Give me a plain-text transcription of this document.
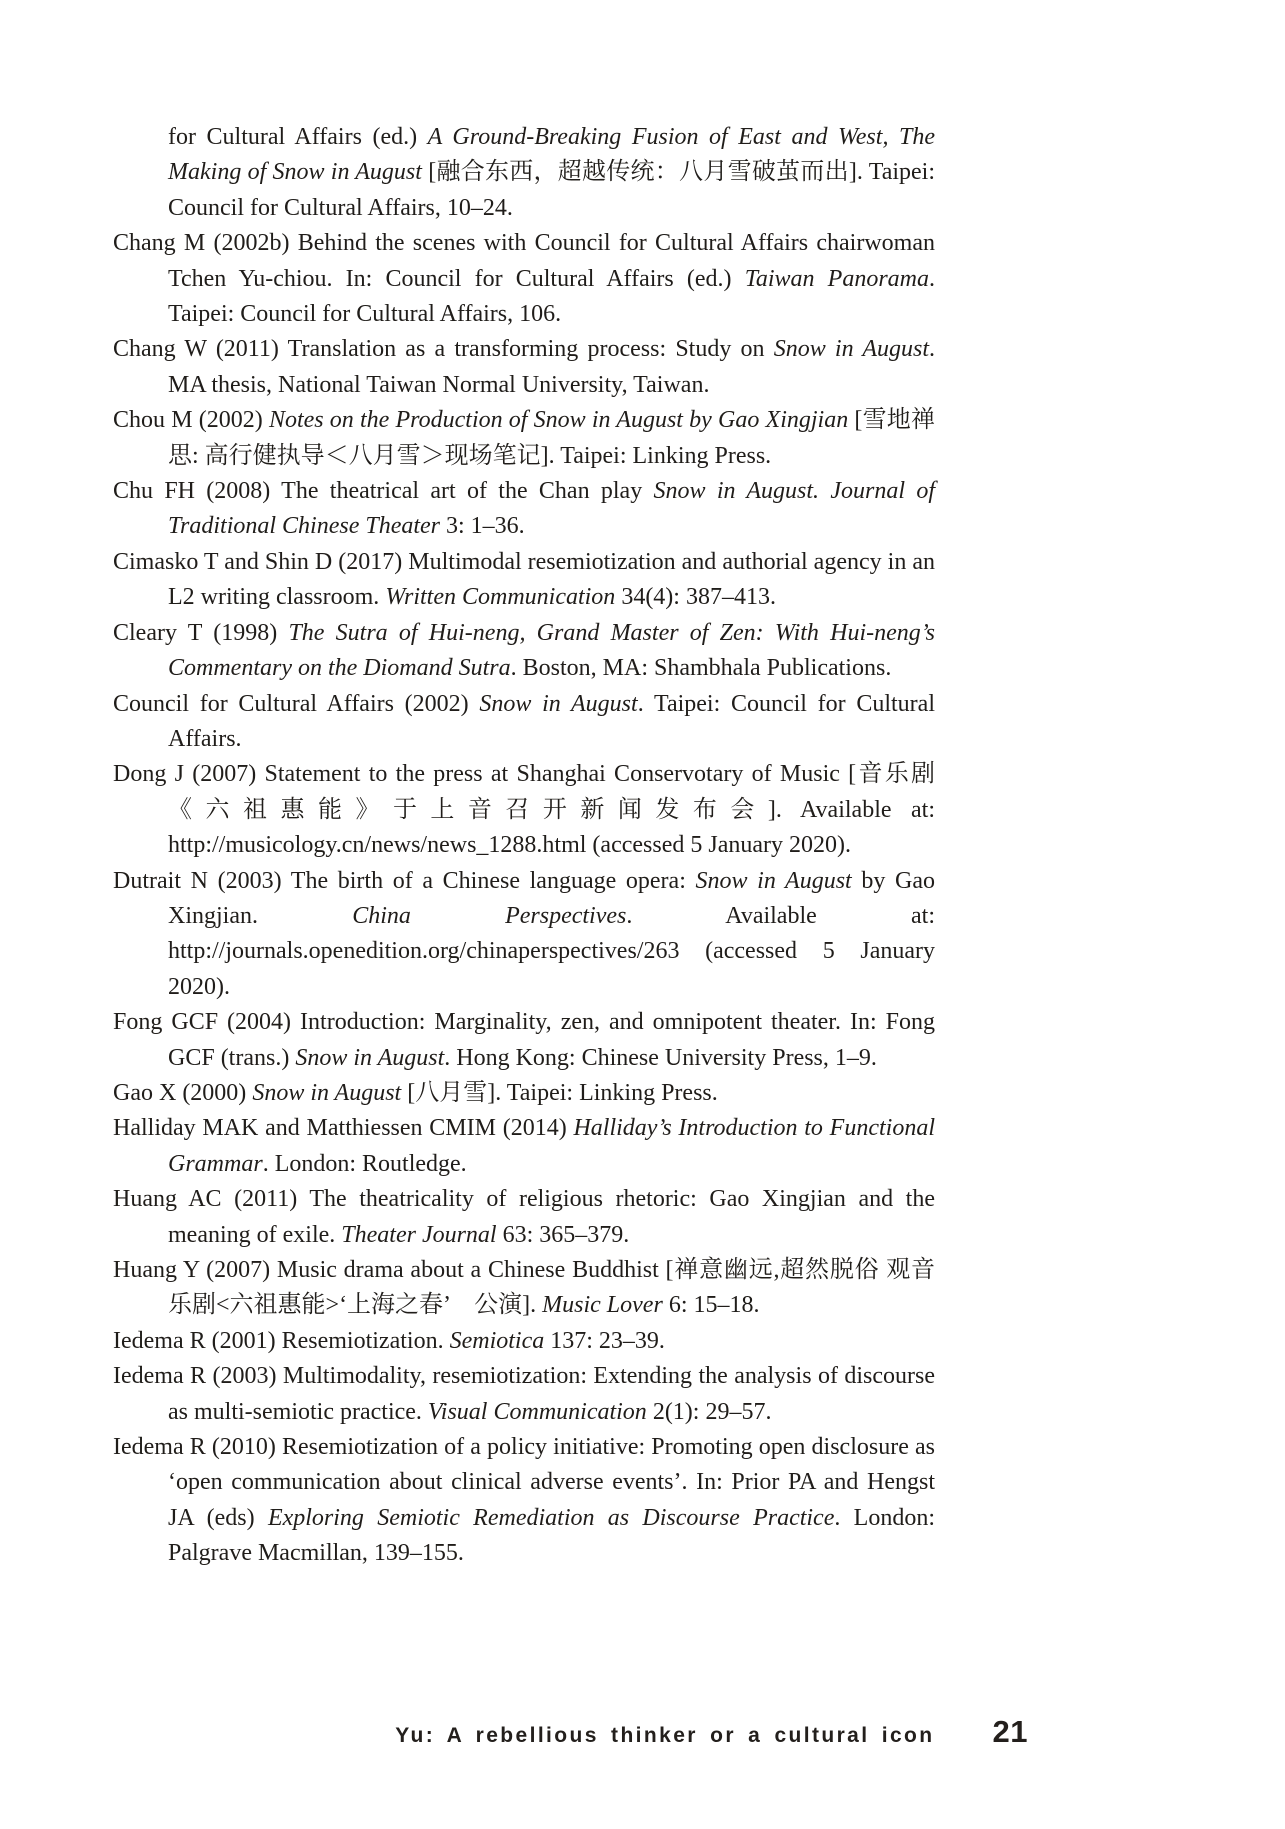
for Cultural Affairs (ed.) A Ground-Breaking Fusion of East and West, The Making of Snow in August [融合东西，超越传统：八月雪破茧而出]. Taipei: Council for Cultural Affairs, 10–24.

Chang M (2002b) Behind the scenes with Council for Cultural Affairs chairwoman Tchen Yu-chiou. In: Council for Cultural Affairs (ed.) Taiwan Panorama. Taipei: Council for Cultural Affairs, 106.

Chang W (2011) Translation as a transforming process: Study on Snow in August. MA thesis, National Taiwan Normal University, Taiwan.

Chou M (2002) Notes on the Production of Snow in August by Gao Xingjian [雪地禅思: 高行健执导＜八月雪＞现场笔记]. Taipei: Linking Press.

Chu FH (2008) The theatrical art of the Chan play Snow in August. Journal of Traditional Chinese Theater 3: 1–36.

Cimasko T and Shin D (2017) Multimodal resemiotization and authorial agency in an L2 writing classroom. Written Communication 34(4): 387–413.

Cleary T (1998) The Sutra of Hui-neng, Grand Master of Zen: With Hui-neng’s Commentary on the Diomand Sutra. Boston, MA: Shambhala Publications.

Council for Cultural Affairs (2002) Snow in August. Taipei: Council for Cultural Affairs.

Dong J (2007) Statement to the press at Shanghai Conservotary of Music [音乐剧《六祖惠能》于上音召开新闻发布会]. Available at: http://musicology.cn/news/news_1288.html (accessed 5 January 2020).

Dutrait N (2003) The birth of a Chinese language opera: Snow in August by Gao Xingjian. China Perspectives. Available at: http://journals.openedition.org/chinaperspectives/263 (accessed 5 January 2020).

Fong GCF (2004) Introduction: Marginality, zen, and omnipotent theater. In: Fong GCF (trans.) Snow in August. Hong Kong: Chinese University Press, 1–9.

Gao X (2000) Snow in August [八月雪]. Taipei: Linking Press.

Halliday MAK and Matthiessen CMIM (2014) Halliday’s Introduction to Functional Grammar. London: Routledge.

Huang AC (2011) The theatricality of religious rhetoric: Gao Xingjian and the meaning of exile. Theater Journal 63: 365–379.

Huang Y (2007) Music drama about a Chinese Buddhist [禅意幽远,超然脱俗 观音乐剧<六祖惠能>‘上海之春’　公演]. Music Lover 6: 15–18.

Iedema R (2001) Resemiotization. Semiotica 137: 23–39.

Iedema R (2003) Multimodality, resemiotization: Extending the analysis of discourse as multi-semiotic practice. Visual Communication 2(1): 29–57.

Iedema R (2010) Resemiotization of a policy initiative: Promoting open disclosure as ‘open communication about clinical adverse events’. In: Prior PA and Hengst JA (eds) Exploring Semiotic Remediation as Discourse Practice. London: Palgrave Macmillan, 139–155.

Yu: A rebellious thinker or a cultural icon 21
